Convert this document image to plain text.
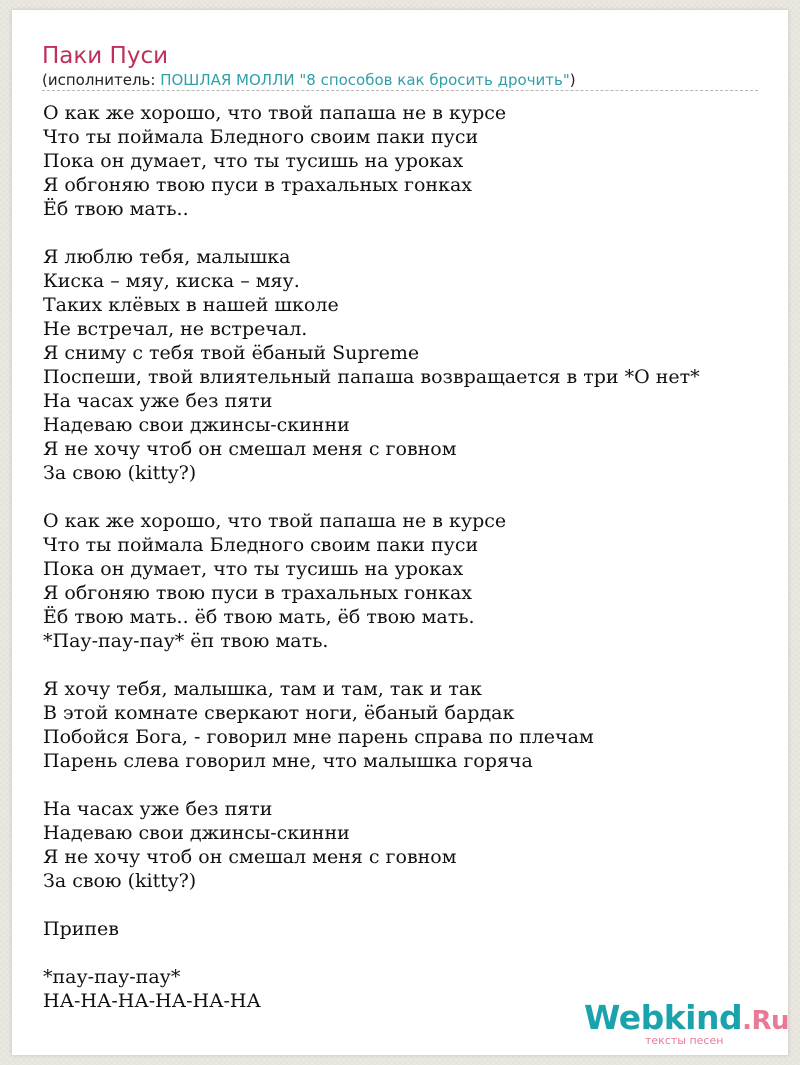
Паки Пуси
(исполнитель: ПОШЛАЯ МОЛЛИ "8 способов как бросить дрочить")
О как же хорошо, что твой папаша не в курсе
Что ты поймала Бледного своим паки пуси
Пока он думает, что ты тусишь на уроках
Я обгоняю твою пуси в трахальных гонках
Ёб твою мать..

Я люблю тебя, малышка
Киска – мяу, киска – мяу.
Таких клёвых в нашей школе
Не встречал, не встречал.
Я сниму с тебя твой ёбаный Supreme
Поспеши, твой влиятельный папаша возвращается в три *О нет*
На часах уже без пяти
Надеваю свои джинсы-скинни
Я не хочу чтоб он смешал меня с говном
За свою (kitty?)

О как же хорошо, что твой папаша не в курсе
Что ты поймала Бледного своим паки пуси
Пока он думает, что ты тусишь на уроках
Я обгоняю твою пуси в трахальных гонках
Ёб твою мать.. ёб твою мать, ёб твою мать.
*Пау-пау-пау* ёп твою мать.

Я хочу тебя, малышка, там и там, так и так
В этой комнате сверкают ноги, ёбаный бардак
Побойся Бога, - говорил мне парень справа по плечам
Парень слева говорил мне, что малышка горяча

На часах уже без пяти
Надеваю свои джинсы-скинни
Я не хочу чтоб он смешал меня с говном
За свою (kitty?)

Припев

*пау-пау-пау*
НА-НА-НА-НА-НА-НА	Webkind.Ru
тексты песен
